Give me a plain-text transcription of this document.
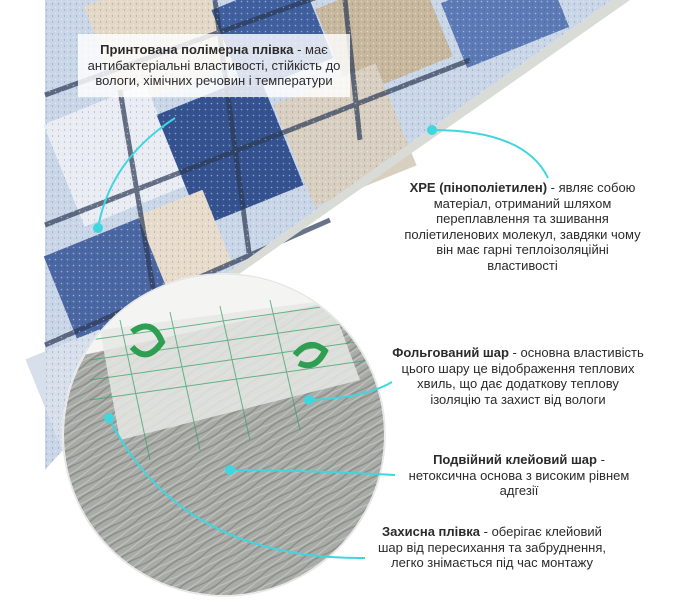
Принтована полімерна плівка - має антибактеріальні властивості, стійкість до вологи, хімічних речовин і температури
XPE (пінополіетилен) - являє собою матеріал, отриманий шляхом переплавлення та зшивання поліетиленових молекул, завдяки чому він має гарні теплоізоляційні властивості
Фольгований шар - основна властивість цього шару це відображення теплових хвиль, що дає додаткову теплову ізоляцію та захист від вологи
Подвійний клейовий шар - нетоксична основа з високим рівнем адгезії
Захисна плівка - оберігає клейовий шар від пересихання та забруднення, легко знімається під час монтажу
